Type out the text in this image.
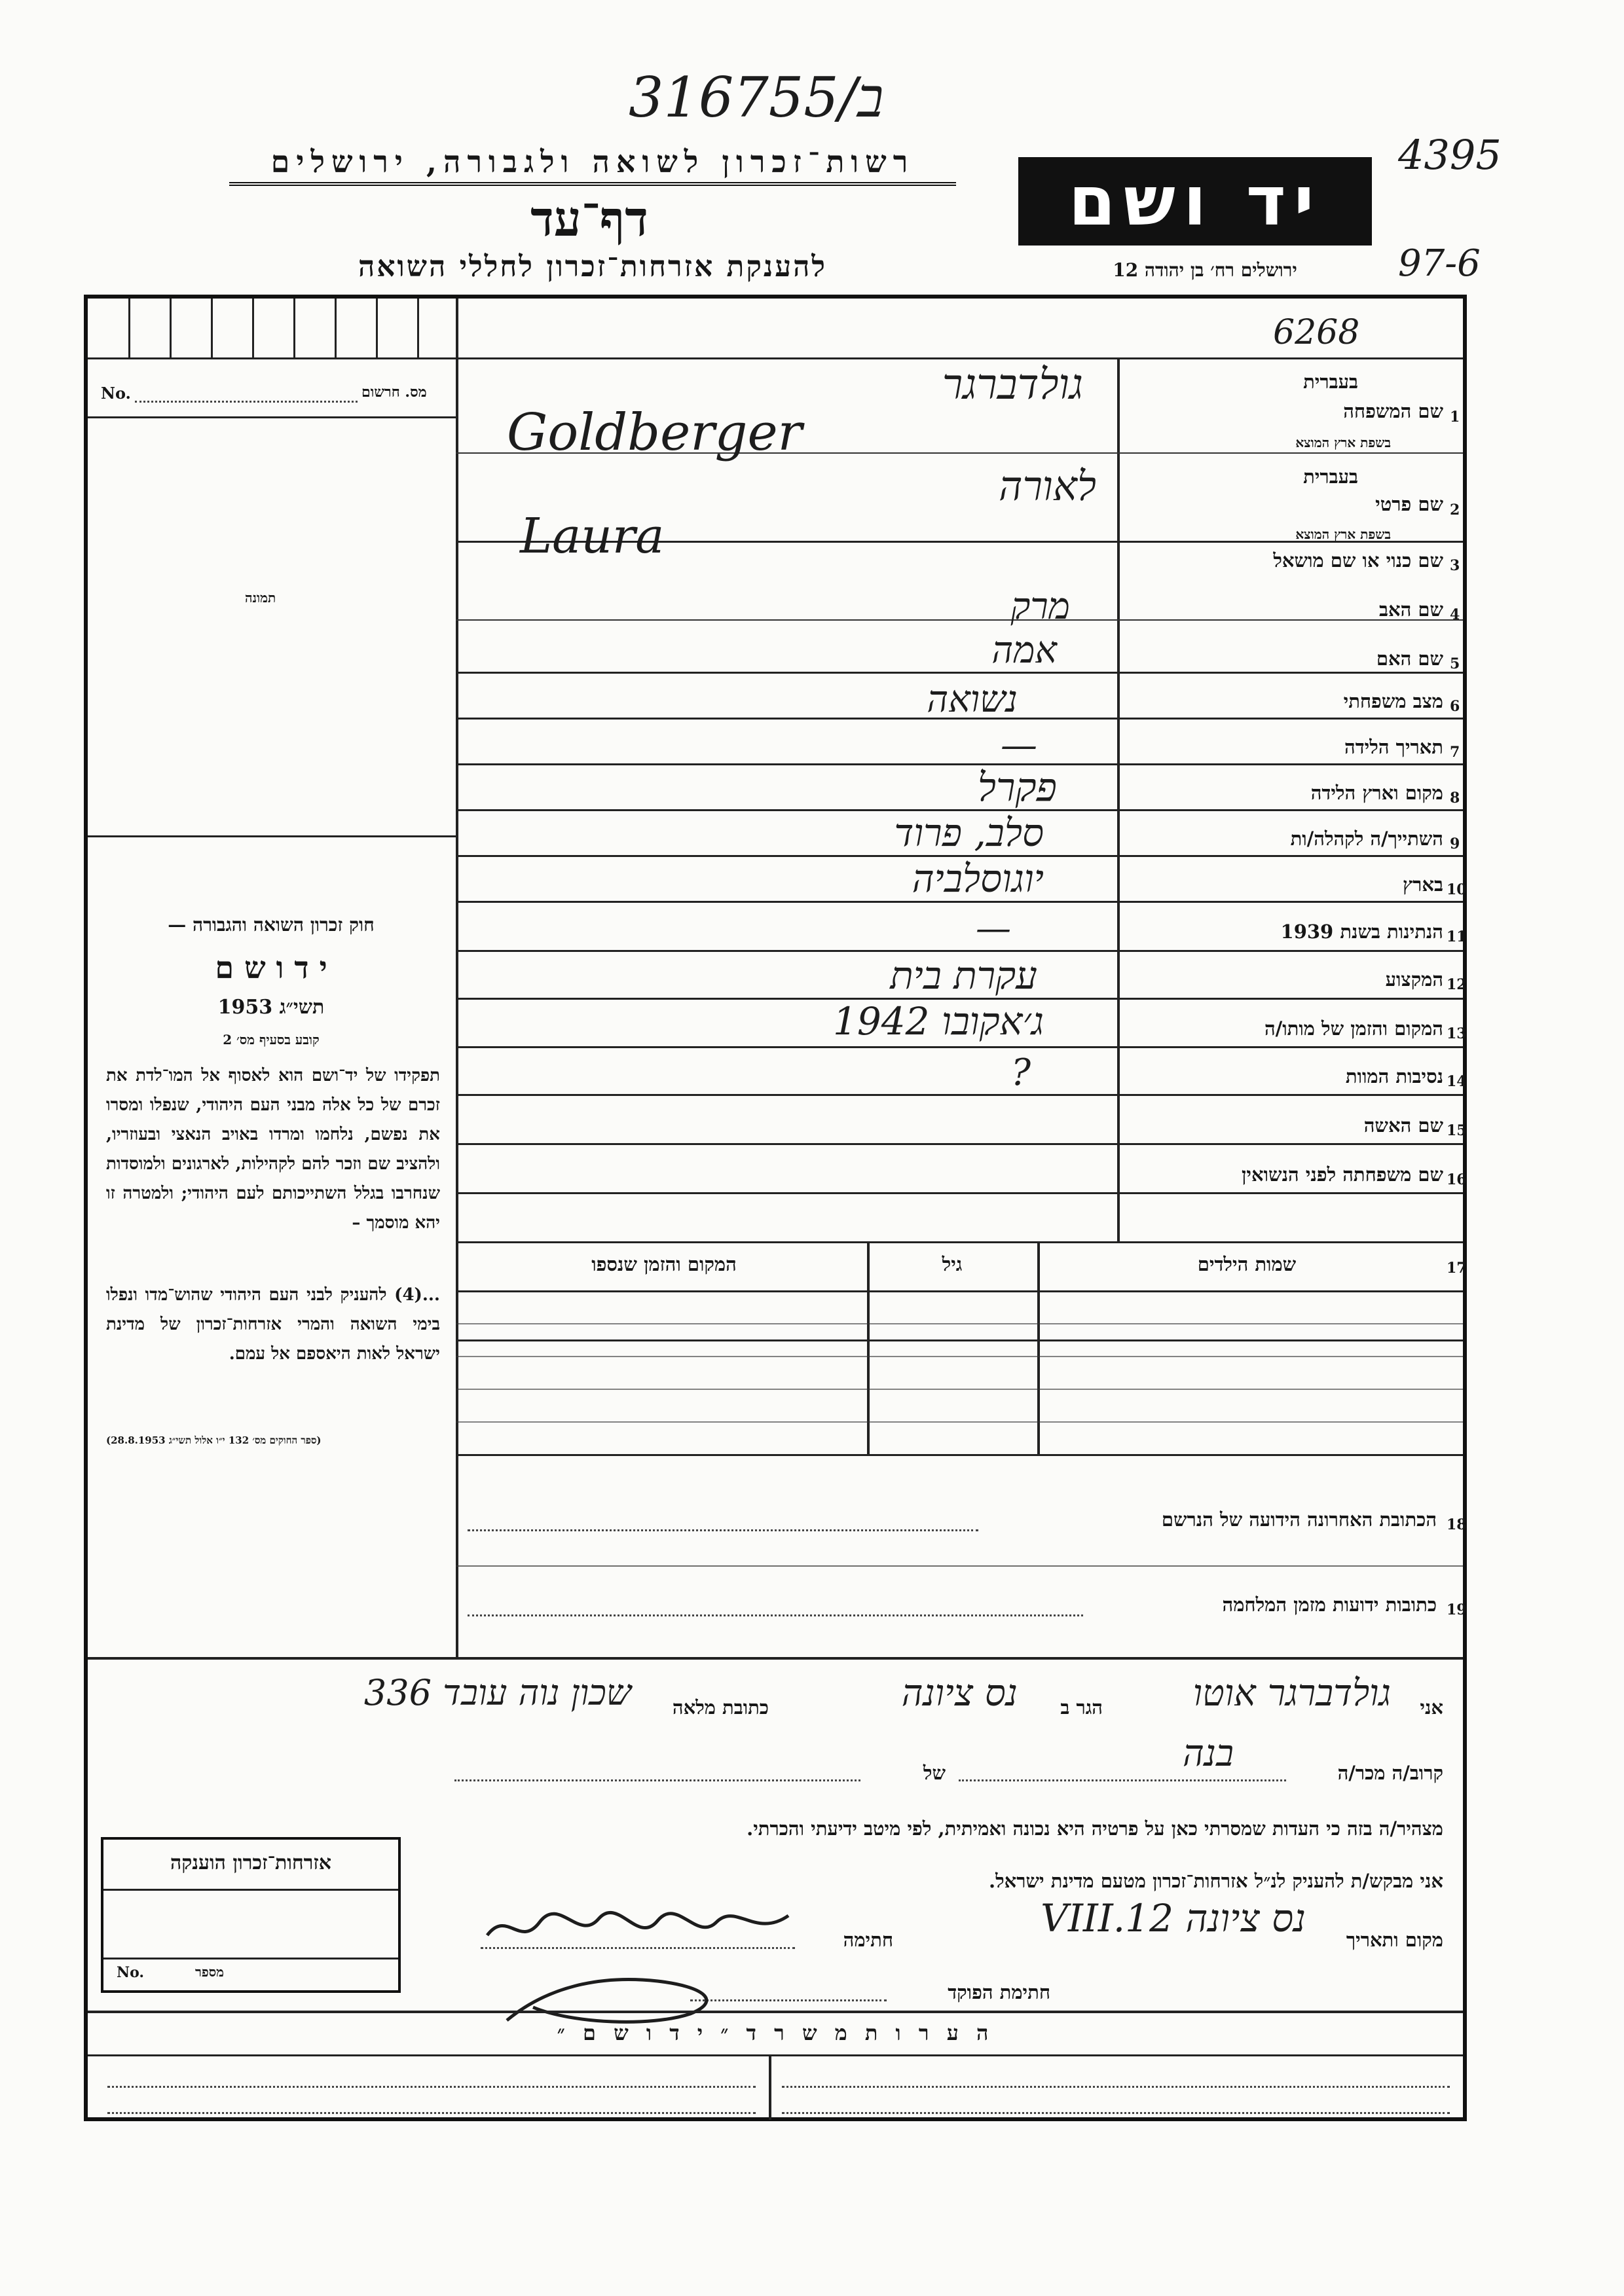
316755/ב
4395
97-6
רשות־זכרון לשואה ולגבורה, ירושלים
דף־עד
להענקת אזרחות־זכרון לחללי השואה
יד ושם
ירושלים רח׳ בן יהודה 12
6268
No.	מס. חרשום
תמונה
חוק זכרון השואה והגבורה —
י ד ו ש ם
תשי״ג 1953
קובע בסעיף מס׳ 2
תפקידו של יד־ושם הוא לאסוף אל המו־לדת את זכרם של כל אלה מבני העם היהודי, שנפלו ומסרו את נפשם, נלחמו ומרדו באויב הנאצי ובעוזריו, ולהציב שם וזכר להם לקהילות, לארגונים ולמוסדות שנחרבו בגלל השתייכותם לעם היהודי; ולמטרה זו יהא מוסמך –
...(4) להעניק לבני העם היהודי שהוש־מדו ונפלו בימי השואה והמרי אזרחות־זכרון של מדינת ישראל לאות היאספם אל עמם.
(ספר החוקים מס׳ 132 י״ו אלול תשי״ג 28.8.1953)
1
שם המשפחה
בעברית
בשפת ארץ המוצא
גולדברגר
Goldberger
2
שם פרטי
בעברית
בשפת ארץ המוצא
לאורה
Laura
3
שם כנוי או שם מושאל
4
שם האב
מרק
5
שם האם
אמה
6
מצב משפחתי
נשואה
7
תאריך הלידה
—
8
מקום וארץ הלידה
פקרל
9
השתייך/ה לקהלה/ות
סלב, פרוד
10
בארץ
יוגוסלביה
11
הנתינות בשנת 1939
—
12
המקצוע
עקרת בית
13
המקום והזמן של מותו/ה
ג׳אקובו 1942
14
נסיבות המוות
?
15
שם האשה
16
שם משפחתה לפני הנשואין
17
שמות הילדים
גיל
המקום והזמן שנספו
18
הכתובת האחרונה הידועה של הנרשם
19
כתובות ידועות מזמן המלחמה
אני
גולדברגר אוטו
הגר ב
נס ציונה
כתובת מלאה
שכון נוה עובד 336
קרוב/ה מכר/ה
בנה
של
מצהיר/ה בזה כי העדות שמסרתי כאן על פרטיה היא נכונה ואמיתית, לפי מיטב ידיעתי והכרתי.
אני מבקש/ת להעניק לנ״ל אזרחות־זכרון מטעם מדינת ישראל.
מקום ותאריך
נס ציונה 12.VIII
חתימה
חתימת הפוקד
אזרחות־זכרון הוענקה
No.	מספר
ה ע ר ו ת מ ש ר ד ״ י ד ו ש ם ״
